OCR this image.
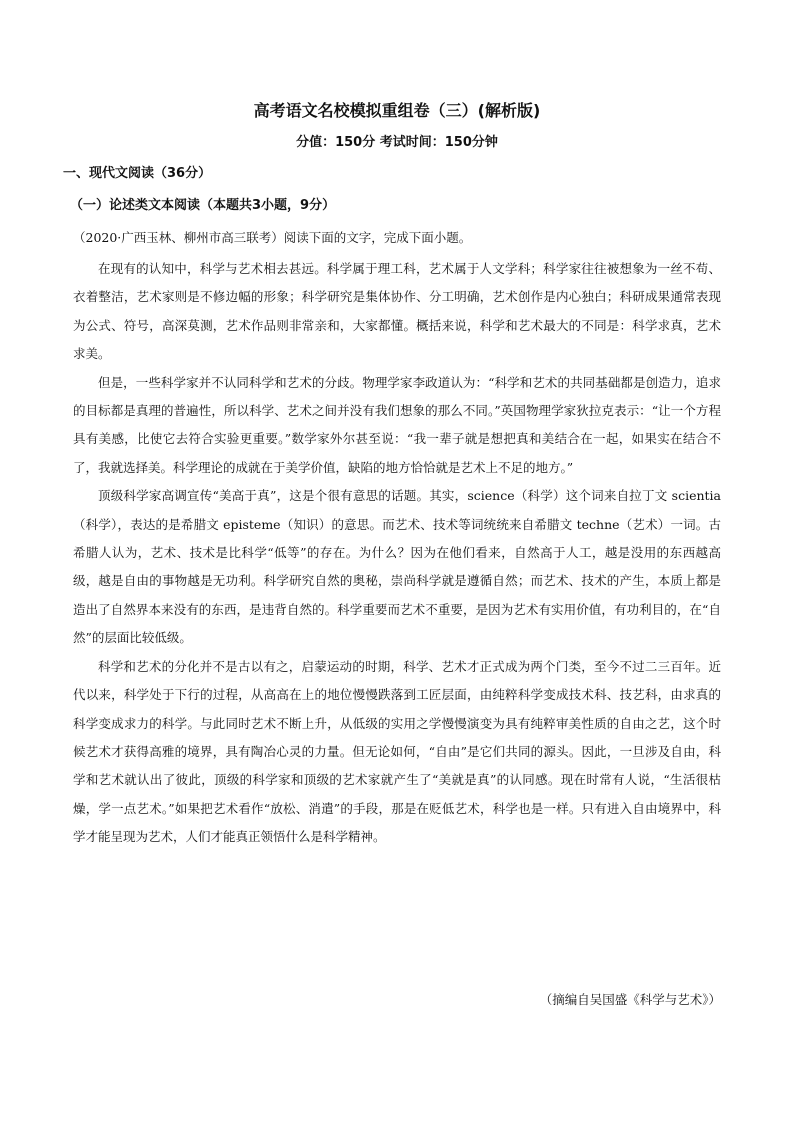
高考语文名校模拟重组卷（三）(解析版)
分值：150分 考试时间：150分钟
一、现代文阅读（36分）
（一）论述类文本阅读（本题共3小题，9分）
（2020·广西玉林、柳州市高三联考）阅读下面的文字，完成下面小题。

在现有的认知中，科学与艺术相去甚远。科学属于理工科，艺术属于人文学科；科学家往往被想象为一丝不苟、衣着整洁，艺术家则是不修边幅的形象；科学研究是集体协作、分工明确，艺术创作是内心独白；科研成果通常表现为公式、符号，高深莫测，艺术作品则非常亲和，大家都懂。概括来说，科学和艺术最大的不同是：科学求真，艺术求美。

但是，一些科学家并不认同科学和艺术的分歧。物理学家李政道认为：“科学和艺术的共同基础都是创造力，追求的目标都是真理的普遍性，所以科学、艺术之间并没有我们想象的那么不同。”英国物理学家狄拉克表示：“让一个方程具有美感，比使它去符合实验更重要。”数学家外尔甚至说：“我一辈子就是想把真和美结合在一起，如果实在结合不了，我就选择美。科学理论的成就在于美学价值，缺陷的地方恰恰就是艺术上不足的地方。”

顶级科学家高调宣传“美高于真”，这是个很有意思的话题。其实，science（科学）这个词来自拉丁文 scientia（科学），表达的是希腊文 episteme（知识）的意思。而艺术、技术等词统统来自希腊文 techne（艺术）一词。古希腊人认为，艺术、技术是比科学“低等”的存在。为什么？因为在他们看来，自然高于人工，越是没用的东西越高级，越是自由的事物越是无功利。科学研究自然的奥秘，崇尚科学就是遵循自然；而艺术、技术的产生，本质上都是造出了自然界本来没有的东西，是违背自然的。科学重要而艺术不重要，是因为艺术有实用价值，有功利目的，在“自然”的层面比较低级。

科学和艺术的分化并不是古以有之，启蒙运动的时期，科学、艺术才正式成为两个门类，至今不过二三百年。近代以来，科学处于下行的过程，从高高在上的地位慢慢跌落到工匠层面，由纯粹科学变成技术科、技艺科，由求真的科学变成求力的科学。与此同时艺术不断上升，从低级的实用之学慢慢演变为具有纯粹审美性质的自由之艺，这个时候艺术才获得高雅的境界，具有陶冶心灵的力量。但无论如何，“自由”是它们共同的源头。因此，一旦涉及自由，科学和艺术就认出了彼此，顶级的科学家和顶级的艺术家就产生了“美就是真”的认同感。现在时常有人说，“生活很枯燥，学一点艺术。”如果把艺术看作“放松、消遣”的手段，那是在贬低艺术，科学也是一样。只有进入自由境界中，科学才能呈现为艺术，人们才能真正领悟什么是科学精神。

（摘编自吴国盛《科学与艺术》）
